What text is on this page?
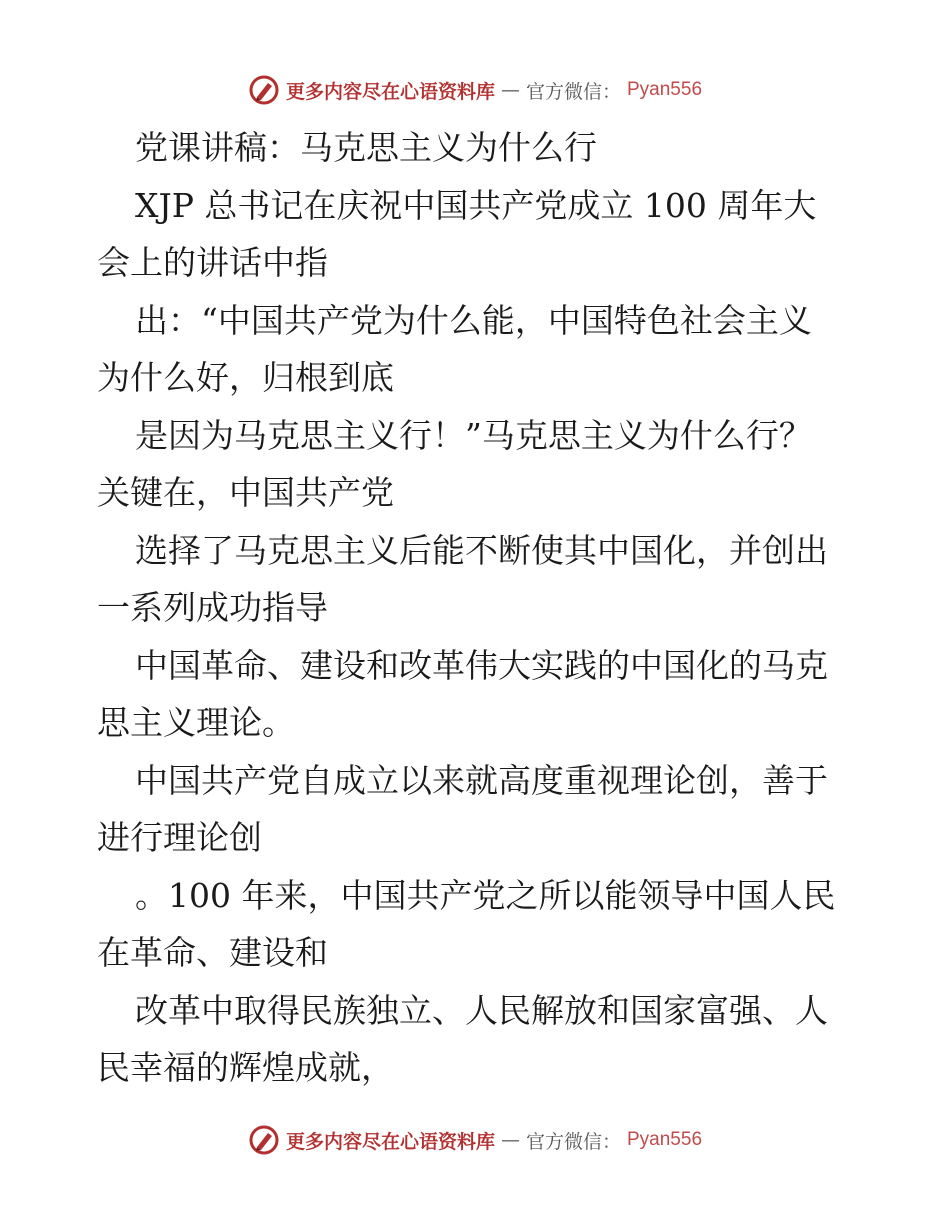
更多内容尽在心语资料库 — 官方微信： Pyan556
党课讲稿：马克思主义为什么行
XJP 总书记在庆祝中国共产党成立 100 周年大
会上的讲话中指
出：“中国共产党为什么能，中国特色社会主义
为什么好，归根到底
是因为马克思主义行！”马克思主义为什么行？
关键在，中国共产党
选择了马克思主义后能不断使其中国化，并创出
一系列成功指导
中国革命、建设和改革伟大实践的中国化的马克
思主义理论。
中国共产党自成立以来就高度重视理论创，善于
进行理论创
。100 年来，中国共产党之所以能领导中国人民
在革命、建设和
改革中取得民族独立、人民解放和国家富强、人
民幸福的辉煌成就，
更多内容尽在心语资料库 — 官方微信： Pyan556
